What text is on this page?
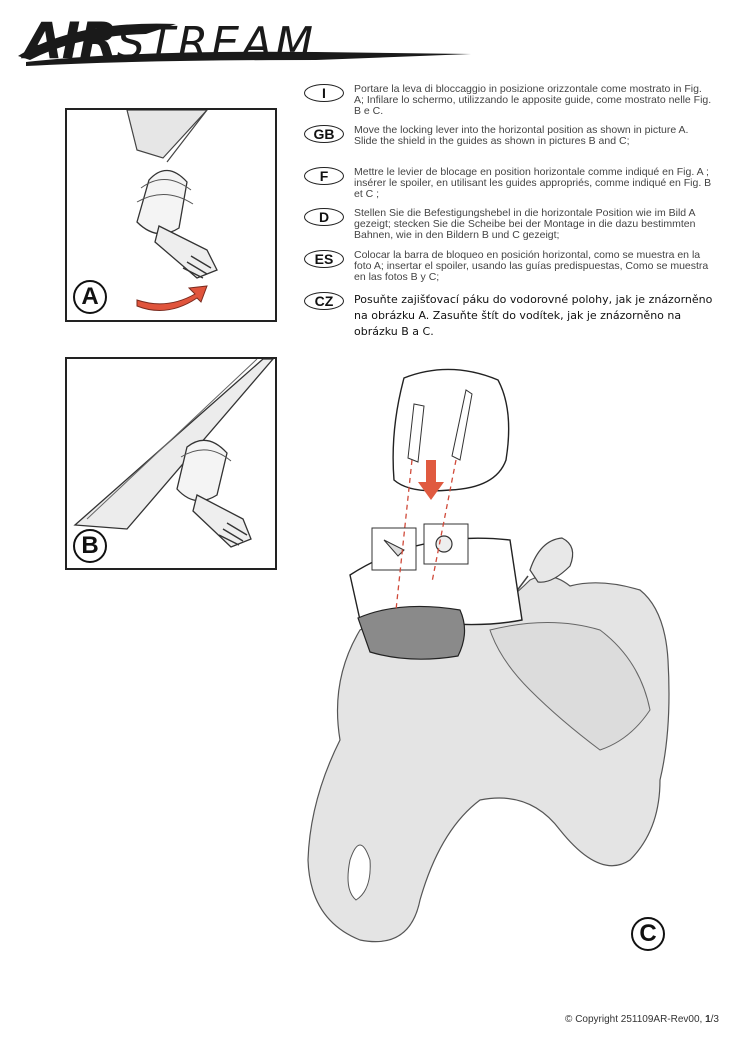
AIRSTREAM
I	Portare la leva di bloccaggio in posizione orizzontale come mostrato in Fig. A; Infilare lo schermo, utilizzando le apposite guide, come mostrato nelle Fig. B e C.
GB	Move the locking lever into the horizontal position as shown in picture A. Slide the shield in the guides as shown in pictures B and C;
F	Mettre le levier de blocage en position horizontale comme indiqué en Fig. A ; insérer le spoiler, en utilisant les guides appropriés, comme indiqué en Fig. B et C ;
D	Stellen Sie die Befestigungshebel in die horizontale Position wie im Bild A gezeigt; stecken Sie die Scheibe bei der Montage in die dazu bestimmten Bahnen, wie in den Bildern B und C gezeigt;
ES	Colocar la barra de bloqueo en posición horizontal, como se muestra en la foto A; insertar el spoiler, usando las guías predispuestas, Como se muestra en las fotos B y C;
CZ	Posuňte zajišťovací páku do vodorovné polohy, jak je znázorněno na obrázku A. Zasuňte štít do vodítek, jak je znázorněno na obrázku B a C.
A
B
C
© Copyright 251109AR-Rev00, 1/3
